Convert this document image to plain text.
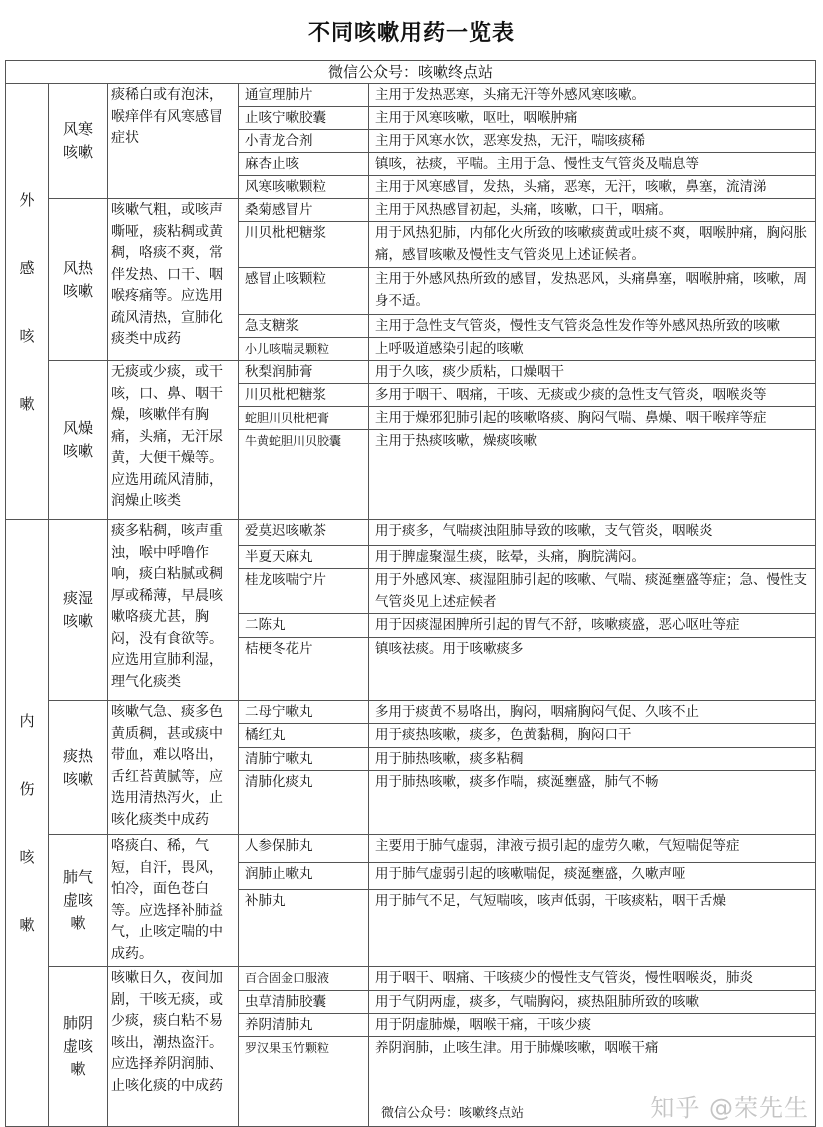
不同咳嗽用药一览表
微信公众号：咳嗽终点站				

外感咳嗽	风寒咳嗽	痰稀白或有泡沫，喉痒伴有风寒感冒症状	通宣理肺片	主用于发热恶寒，头痛无汗等外感风寒咳嗽。
			止咳宁嗽胶囊	主用于风寒咳嗽，呕吐，咽喉肿痛
			小青龙合剂	主用于风寒水饮，恶寒发热，无汗，喘咳痰稀
			麻杏止咳	镇咳，祛痰，平喘。主用于急、慢性支气管炎及喘息等
			风寒咳嗽颗粒	主用于风寒感冒，发热，头痛，恶寒，无汗，咳嗽，鼻塞，流清涕
	风热咳嗽	咳嗽气粗，或咳声嘶哑，痰粘稠或黄稠，咯痰不爽，常伴发热、口干、咽喉疼痛等。应选用疏风清热，宣肺化痰类中成药	桑菊感冒片	主用于风热感冒初起，头痛，咳嗽，口干，咽痛。
			川贝枇杷糖浆	用于风热犯肺，内郁化火所致的咳嗽痰黄或吐痰不爽，咽喉肿痛，胸闷胀痛，感冒咳嗽及慢性支气管炎见上述证候者。
			感冒止咳颗粒	主用于外感风热所致的感冒，发热恶风，头痛鼻塞，咽喉肿痛，咳嗽，周身不适。
			急支糖浆	主用于急性支气管炎，慢性支气管炎急性发作等外感风热所致的咳嗽
			小儿咳喘灵颗粒	上呼吸道感染引起的咳嗽
	风燥咳嗽	无痰或少痰，或干咳，口、鼻、咽干燥，咳嗽伴有胸痛，头痛，无汗尿黄，大便干燥等。应选用疏风清肺，润燥止咳类	秋梨润肺膏	用于久咳，痰少质粘，口燥咽干
			川贝枇杷糖浆	多用于咽干、咽痛，干咳、无痰或少痰的急性支气管炎，咽喉炎等
			蛇胆川贝枇杷膏	主用于燥邪犯肺引起的咳嗽咯痰、胸闷气喘、鼻燥、咽干喉痒等症
			牛黄蛇胆川贝胶囊	主用于热痰咳嗽，燥痰咳嗽

内伤咳嗽	痰湿咳嗽	痰多粘稠，咳声重浊，喉中呼噜作响，痰白粘腻或稠厚或稀薄，早晨咳嗽咯痰尤甚，胸闷，没有食欲等。应选用宣肺利湿，理气化痰类	爱莫迟咳嗽茶	用于痰多，气喘痰浊阻肺导致的咳嗽，支气管炎，咽喉炎
			半夏天麻丸	用于脾虚聚湿生痰，眩晕，头痛，胸脘满闷。
			桂龙咳喘宁片	用于外感风寒、痰湿阻肺引起的咳嗽、气喘、痰涎壅盛等症；急、慢性支气管炎见上述症候者
			二陈丸	用于因痰湿困脾所引起的胃气不舒，咳嗽痰盛，恶心呕吐等症
			桔梗冬花片	镇咳祛痰。用于咳嗽痰多
	痰热咳嗽	咳嗽气急、痰多色黄质稠，甚或痰中带血，难以咯出，舌红苔黄腻等，应选用清热泻火，止咳化痰类中成药	二母宁嗽丸	多用于痰黄不易咯出，胸闷，咽痛胸闷气促、久咳不止
			橘红丸	用于痰热咳嗽，痰多，色黄黏稠，胸闷口干
			清肺宁嗽丸	用于肺热咳嗽，痰多粘稠
			清肺化痰丸	用于肺热咳嗽，痰多作喘，痰涎壅盛，肺气不畅
	肺气虚咳嗽	咯痰白、稀，气短，自汗，畏风，怕冷，面色苍白等。应选择补肺益气，止咳定喘的中成药。	人参保肺丸	主要用于肺气虚弱，津液亏损引起的虚劳久嗽，气短喘促等症
			润肺止嗽丸	用于肺气虚弱引起的咳嗽喘促，痰涎壅盛，久嗽声哑
			补肺丸	用于肺气不足，气短喘咳，咳声低弱，干咳痰粘，咽干舌燥
	肺阴虚咳嗽	咳嗽日久，夜间加剧，干咳无痰，或少痰，痰白粘不易咳出，潮热盗汗。应选择养阴润肺、止咳化痰的中成药	百合固金口服液	用于咽干、咽痛、干咳痰少的慢性支气管炎，慢性咽喉炎，肺炎
			虫草清肺胶囊	用于气阴两虚，痰多，气喘胸闷，痰热阻肺所致的咳嗽
			养阴清肺丸	用于阴虚肺燥，咽喉干痛，干咳少痰
			罗汉果玉竹颗粒	养阴润肺，止咳生津。用于肺燥咳嗽，咽喉干痛
微信公众号：咳嗽终点站 知乎 @荣先生
